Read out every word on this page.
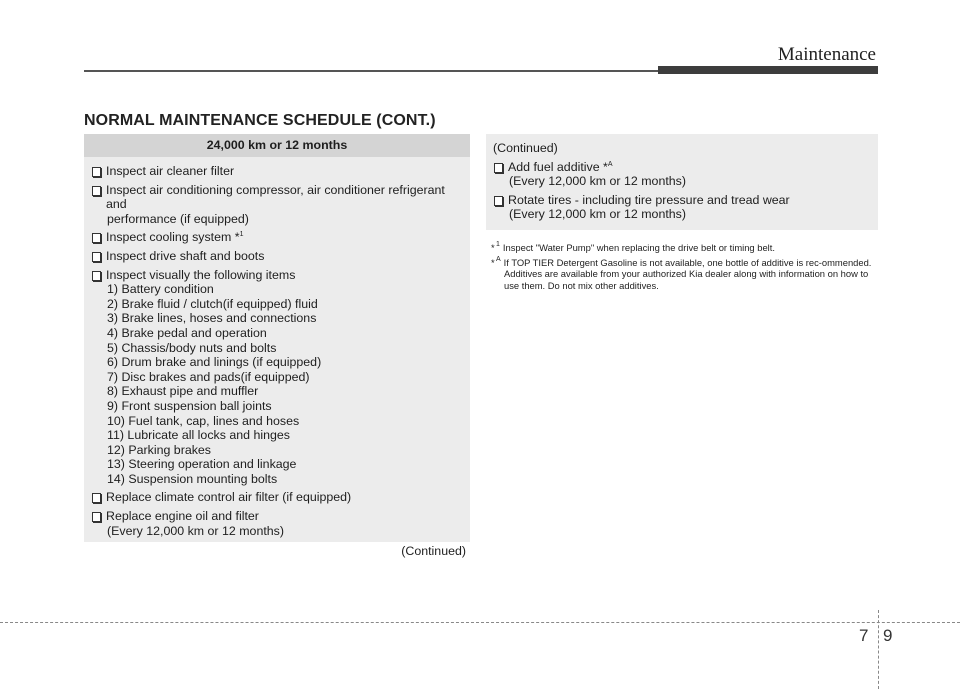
Maintenance
NORMAL MAINTENANCE SCHEDULE (CONT.)
24,000 km or 12 months
Inspect air cleaner filter
Inspect air conditioning compressor, air conditioner refrigerant and
performance (if equipped)
Inspect cooling system *$^1$
Inspect drive shaft and boots
Inspect visually the following items
1) Battery condition
2) Brake fluid / clutch(if equipped) fluid
3) Brake lines, hoses and connections
4) Brake pedal and operation
5) Chassis/body nuts and bolts
6) Drum brake and linings (if equipped)
7) Disc brakes and pads(if equipped)
8) Exhaust pipe and muffler
9) Front suspension ball joints
10) Fuel tank, cap, lines and hoses
11) Lubricate all locks and hinges
12) Parking brakes
13) Steering operation and linkage
14) Suspension mounting bolts
Replace climate control air filter (if equipped)
Replace engine oil and filter
(Every 12,000 km or 12 months)
(Continued)
(Continued)
Add fuel additive *$^A$
(Every 12,000 km or 12 months)
Rotate tires - including tire pressure and tread wear
(Every 12,000 km or 12 months)
* $^1$ Inspect "Water Pump" when replacing the drive belt or timing belt.
* $^A$ If TOP TIER Detergent Gasoline is not available, one bottle of additive is rec-ommended. Additives are available from your authorized Kia dealer along with information on how to use them. Do not mix other additives.
7 9
